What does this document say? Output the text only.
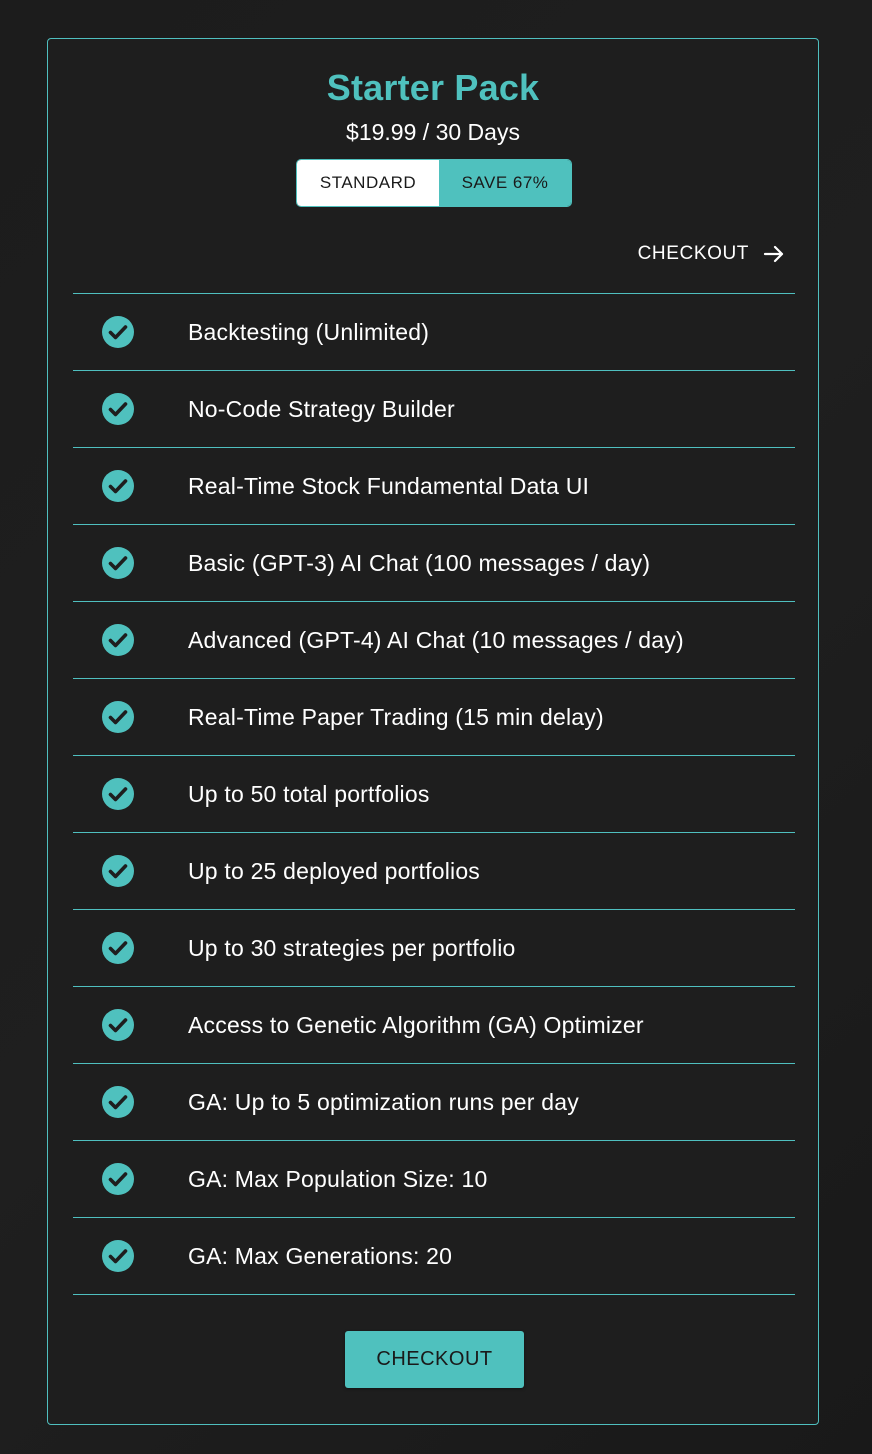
Starter Pack
$19.99 / 30 Days
STANDARD	SAVE 67%
CHECKOUT
Backtesting (Unlimited)
No-Code Strategy Builder
Real-Time Stock Fundamental Data UI
Basic (GPT-3) AI Chat (100 messages / day)
Advanced (GPT-4) AI Chat (10 messages / day)
Real-Time Paper Trading (15 min delay)
Up to 50 total portfolios
Up to 25 deployed portfolios
Up to 30 strategies per portfolio
Access to Genetic Algorithm (GA) Optimizer
GA: Up to 5 optimization runs per day
GA: Max Population Size: 10
GA: Max Generations: 20
CHECKOUT
